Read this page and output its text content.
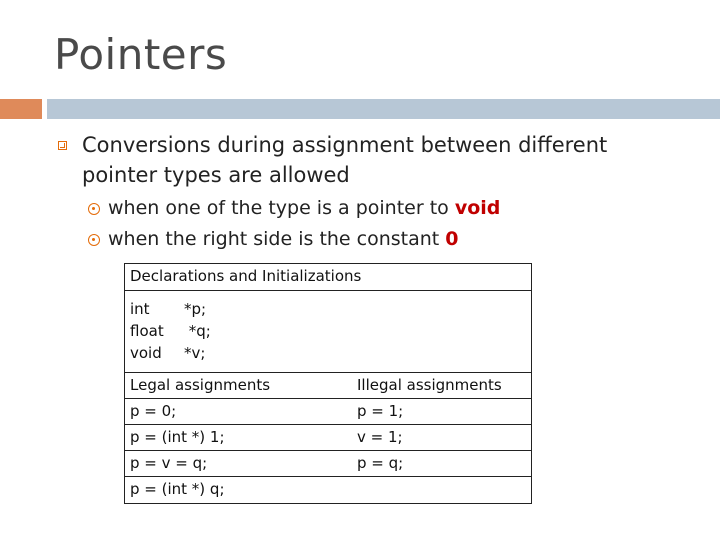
Pointers
Conversions during assignment between different pointer types are allowed
when one of the type is a pointer to void
when the right side is the constant 0
Declarations and Initializations
int	*p;
float	*q;
void	*v;
Legal assignments	Illegal assignments
p = 0;	p = 1;
p = (int *) 1;	v = 1;
p = v = q;	p = q;
p = (int *) q;
